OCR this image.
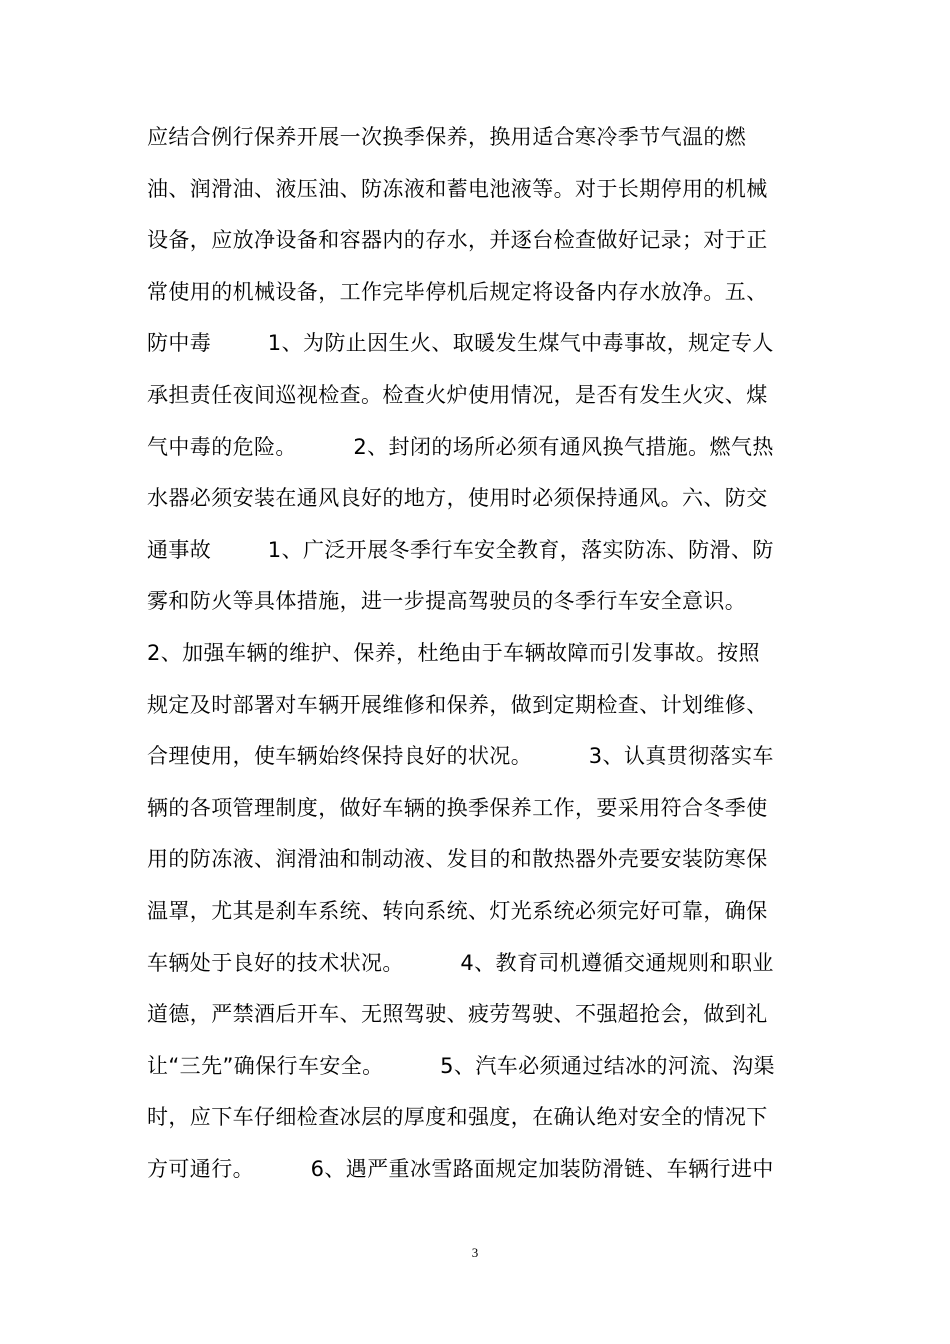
应结合例行保养开展一次换季保养，换用适合寒冷季节气温的燃
油、润滑油、液压油、防冻液和蓄电池液等。对于长期停用的机械
设备，应放净设备和容器内的存水，并逐台检查做好记录；对于正
常使用的机械设备，工作完毕停机后规定将设备内存水放净。五、
防中毒        1、为防止因生火、取暖发生煤气中毒事故，规定专人
承担责任夜间巡视检查。检查火炉使用情况，是否有发生火灾、煤
气中毒的危险。        2、封闭的场所必须有通风换气措施。燃气热
水器必须安装在通风良好的地方，使用时必须保持通风。六、防交
通事故        1、广泛开展冬季行车安全教育，落实防冻、防滑、防
雾和防火等具体措施，进一步提高驾驶员的冬季行车安全意识。
2、加强车辆的维护、保养，杜绝由于车辆故障而引发事故。按照
规定及时部署对车辆开展维修和保养，做到定期检查、计划维修、
合理使用，使车辆始终保持良好的状况。        3、认真贯彻落实车
辆的各项管理制度，做好车辆的换季保养工作，要采用符合冬季使
用的防冻液、润滑油和制动液、发目的和散热器外壳要安装防寒保
温罩，尤其是刹车系统、转向系统、灯光系统必须完好可靠，确保
车辆处于良好的技术状况。        4、教育司机遵循交通规则和职业
道德，严禁酒后开车、无照驾驶、疲劳驾驶、不强超抢会，做到礼
让“三先”确保行车安全。        5、汽车必须通过结冰的河流、沟渠
时，应下车仔细检查冰层的厚度和强度，在确认绝对安全的情况下
方可通行。        6、遇严重冰雪路面规定加装防滑链、车辆行进中
3
